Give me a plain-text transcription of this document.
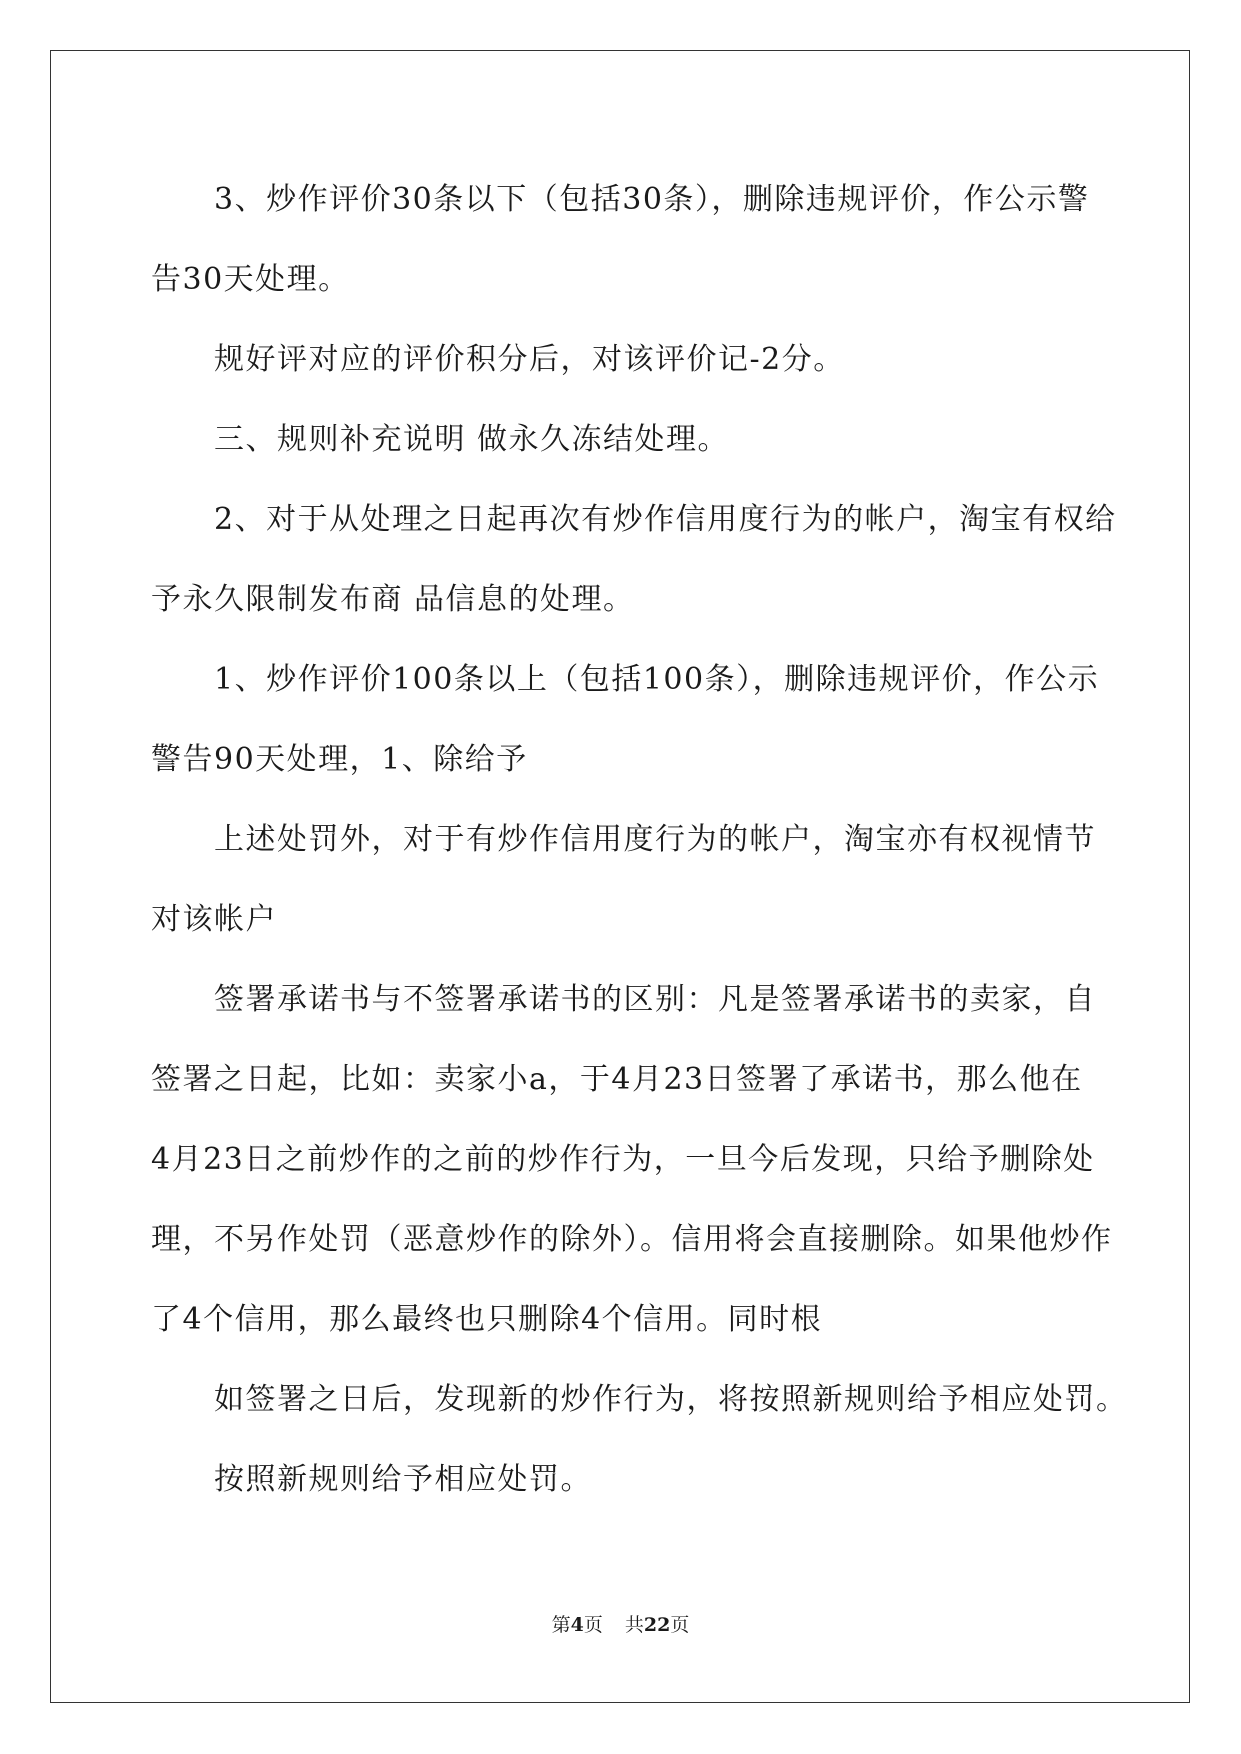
3、炒作评价30条以下（包括30条），删除违规评价，作公示警
告30天处理。

规好评对应的评价积分后，对该评价记-2分。

三、规则补充说明 做永久冻结处理。

2、对于从处理之日起再次有炒作信用度行为的帐户，淘宝有权给
予永久限制发布商 品信息的处理。

1、炒作评价100条以上（包括100条），删除违规评价，作公示
警告90天处理，1、除给予

上述处罚外，对于有炒作信用度行为的帐户，淘宝亦有权视情节
对该帐户

签署承诺书与不签署承诺书的区别：凡是签署承诺书的卖家，自
签署之日起，比如：卖家小a，于4月23日签署了承诺书，那么他在
4月23日之前炒作的之前的炒作行为，一旦今后发现，只给予删除处
理，不另作处罚（恶意炒作的除外）。信用将会直接删除。如果他炒作
了4个信用，那么最终也只删除4个信用。同时根

如签署之日后，发现新的炒作行为，将按照新规则给予相应处罚。

按照新规则给予相应处罚。

第4页 共22页
